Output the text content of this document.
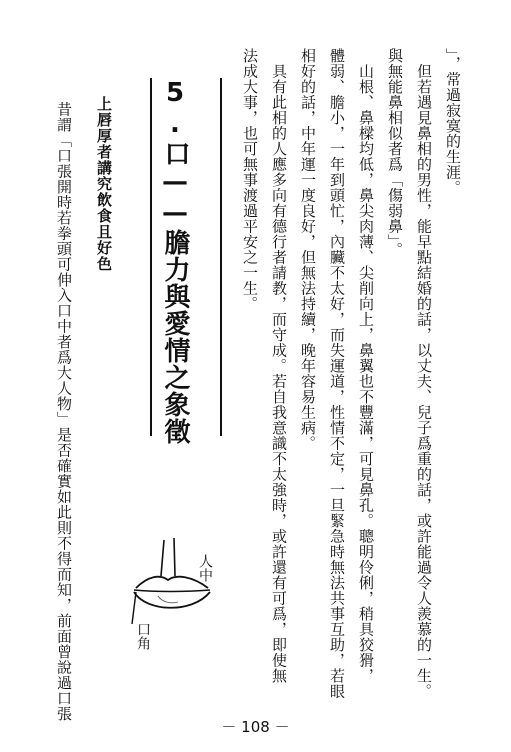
」，常過寂寞的生涯。
　但若遇見鼻相的男性，能早點結婚的話，以丈夫、兒子爲重的話，或許能過令人羨慕的一生。
與無能鼻相似者爲「傷弱鼻」。
　山根、鼻樑均低，鼻尖肉薄、尖削向上，鼻翼也不豐滿，可見鼻孔。聰明伶俐，稍具狡猾，
體弱、膽小，一年到頭忙，內臟不太好，而失運道，性情不定，一旦緊急時無法共事互助，若眼
相好的話，中年運一度良好，但無法持續，晚年容易生病。
　具有此相的人應多向有德行者請教，而守成。若自我意識不太強時，或許還有可爲，即使無
法成大事，也可無事渡過平安之一生。
5.口——膽力與愛情之象徵
上唇厚者講究飲食且好色
　昔謂「口張開時若拳頭可伸入口中者爲大人物」是否確實如此則不得而知，前面曾說過口張	人中
口角
－ 108 －
